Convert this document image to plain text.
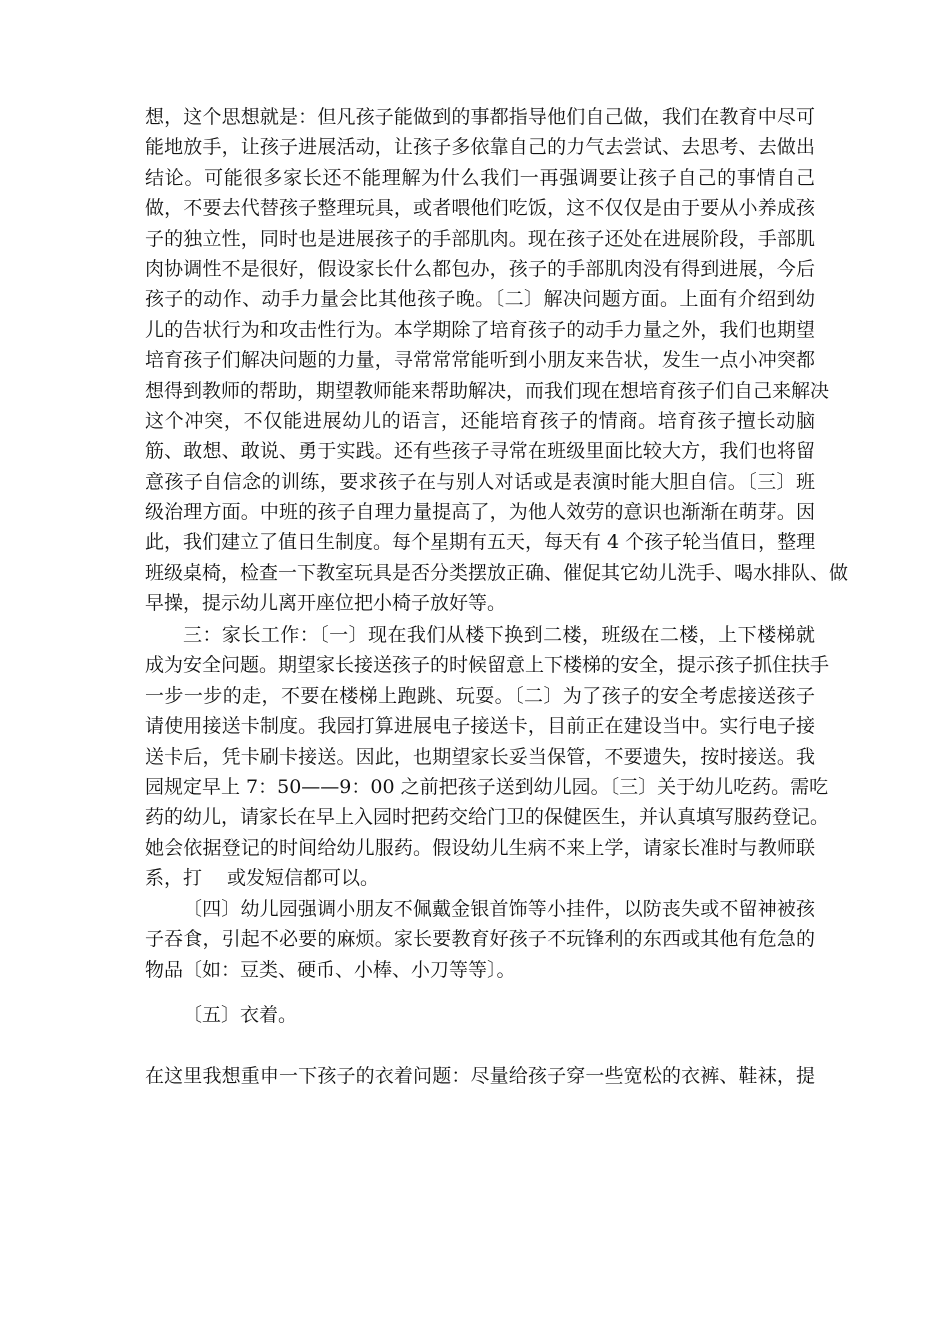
想，这个思想就是：但凡孩子能做到的事都指导他们自己做，我们在教育中尽可
能地放手，让孩子进展活动，让孩子多依靠自己的力气去尝试、去思考、去做出
结论。可能很多家长还不能理解为什么我们一再强调要让孩子自己的事情自己
做，不要去代替孩子整理玩具，或者喂他们吃饭，这不仅仅是由于要从小养成孩
子的独立性，同时也是进展孩子的手部肌肉。现在孩子还处在进展阶段，手部肌
肉协调性不是很好，假设家长什么都包办，孩子的手部肌肉没有得到进展，今后
孩子的动作、动手力量会比其他孩子晚。〔二〕解决问题方面。上面有介绍到幼
儿的告状行为和攻击性行为。本学期除了培育孩子的动手力量之外，我们也期望
培育孩子们解决问题的力量，寻常常常能听到小朋友来告状，发生一点小冲突都
想得到教师的帮助，期望教师能来帮助解决，而我们现在想培育孩子们自己来解决
这个冲突，不仅能进展幼儿的语言，还能培育孩子的情商。培育孩子擅长动脑
筋、敢想、敢说、勇于实践。还有些孩子寻常在班级里面比较大方，我们也将留
意孩子自信念的训练，要求孩子在与别人对话或是表演时能大胆自信。〔三〕班
级治理方面。中班的孩子自理力量提高了，为他人效劳的意识也渐渐在萌芽。因
此，我们建立了值日生制度。每个星期有五天，每天有 4 个孩子轮当值日，整理
班级桌椅，检查一下教室玩具是否分类摆放正确、催促其它幼儿洗手、喝水排队、做
早操，提示幼儿离开座位把小椅子放好等。
三：家长工作：〔一〕现在我们从楼下换到二楼，班级在二楼，上下楼梯就
成为安全问题。期望家长接送孩子的时候留意上下楼梯的安全，提示孩子抓住扶手
一步一步的走，不要在楼梯上跑跳、玩耍。〔二〕为了孩子的安全考虑接送孩子
请使用接送卡制度。我园打算进展电子接送卡，目前正在建设当中。实行电子接
送卡后，凭卡刷卡接送。因此，也期望家长妥当保管，不要遗失，按时接送。我
园规定早上 7：50——9：00 之前把孩子送到幼儿园。〔三〕关于幼儿吃药。需吃
药的幼儿，请家长在早上入园时把药交给门卫的保健医生，并认真填写服药登记。
她会依据登记的时间给幼儿服药。假设幼儿生病不来上学，请家长准时与教师联
系，打　 或发短信都可以。
〔四〕幼儿园强调小朋友不佩戴金银首饰等小挂件，以防丧失或不留神被孩
子吞食，引起不必要的麻烦。家长要教育好孩子不玩锋利的东西或其他有危急的
物品〔如：豆类、硬币、小棒、小刀等等〕。
〔五〕衣着。
在这里我想重申一下孩子的衣着问题：尽量给孩子穿一些宽松的衣裤、鞋袜，提
